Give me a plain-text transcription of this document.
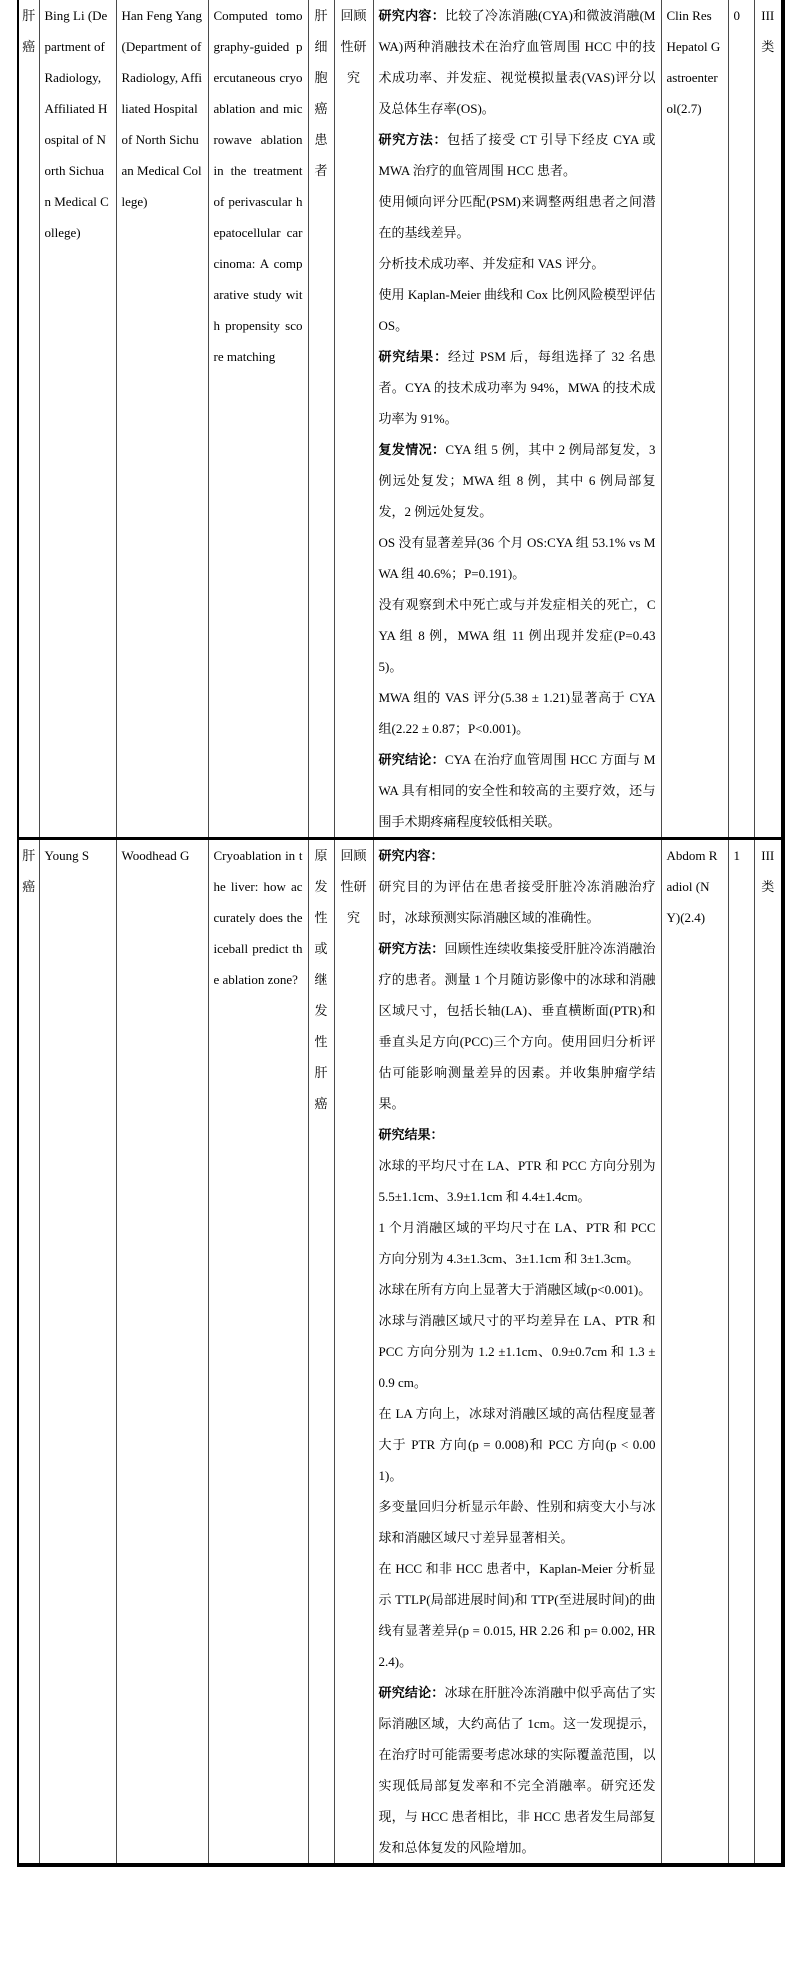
肝癌	Bing Li (Department of Radiology, Affiliated Hospital of North Sichuan Medical College)	Han Feng Yang(Department of Radiology, Affiliated Hospital of North Sichuan Medical College)	Computed tomography-guided percutaneous cryoablation and microwave ablation in the treatment of perivascular hepatocellular carcinoma: A comparative study with propensity score matching	肝细胞癌患者	回顾性研究	

研究内容：比较了冷冻消融(CYA)和微波消融(MWA)两种消融技术在治疗血管周围 HCC 中的技术成功率、并发症、视觉模拟量表(VAS)评分以及总体生存率(OS)。

研究方法：包括了接受 CT 引导下经皮 CYA 或 MWA 治疗的血管周围 HCC 患者。

使用倾向评分匹配(PSM)来调整两组患者之间潜在的基线差异。

分析技术成功率、并发症和 VAS 评分。

使用 Kaplan-Meier 曲线和 Cox 比例风险模型评估 OS。

研究结果：经过 PSM 后，每组选择了 32 名患者。CYA 的技术成功率为 94%，MWA 的技术成功率为 91%。

复发情况：CYA 组 5 例，其中 2 例局部复发，3 例远处复发；MWA 组 8 例，其中 6 例局部复发，2 例远处复发。

OS 没有显著差异(36 个月 OS:CYA 组 53.1% vs MWA 组 40.6%；P=0.191)。

没有观察到术中死亡或与并发症相关的死亡，CYA 组 8 例，MWA 组 11 例出现并发症(P=0.435)。

MWA 组的 VAS 评分(5.38 ± 1.21)显著高于 CYA 组(2.22 ± 0.87；P<0.001)。

研究结论：CYA 在治疗血管周围 HCC 方面与 MWA 具有相同的安全性和较高的主要疗效，还与围手术期疼痛程度较低相关联。

	Clin Res Hepatol Gastroenterol(2.7)	0	III 类
肝癌	Young S	Woodhead G	Cryoablation in the liver: how accurately does the iceball predict the ablation zone?	原发性或继发性肝癌	回顾性研究	

研究内容：

研究目的为评估在患者接受肝脏冷冻消融治疗时，冰球预测实际消融区域的准确性。

研究方法：回顾性连续收集接受肝脏冷冻消融治疗的患者。测量 1 个月随访影像中的冰球和消融区域尺寸，包括长轴(LA)、垂直横断面(PTR)和垂直头足方向(PCC)三个方向。使用回归分析评估可能影响测量差异的因素。并收集肿瘤学结果。

研究结果：

冰球的平均尺寸在 LA、PTR 和 PCC 方向分别为 5.5±1.1cm、3.9±1.1cm 和 4.4±1.4cm。

1 个月消融区域的平均尺寸在 LA、PTR 和 PCC 方向分别为 4.3±1.3cm、3±1.1cm 和 3±1.3cm。

冰球在所有方向上显著大于消融区域(p<0.001)。

冰球与消融区域尺寸的平均差异在 LA、PTR 和 PCC 方向分别为 1.2 ±1.1cm、0.9±0.7cm 和 1.3 ± 0.9 cm。

在 LA 方向上，冰球对消融区域的高估程度显著大于 PTR 方向(p = 0.008)和 PCC 方向(p < 0.001)。

多变量回归分析显示年龄、性别和病变大小与冰球和消融区域尺寸差异显著相关。

在 HCC 和非 HCC 患者中，Kaplan-Meier 分析显示 TTLP(局部进展时间)和 TTP(至进展时间)的曲线有显著差异(p = 0.015, HR 2.26 和 p= 0.002, HR 2.4)。

研究结论：冰球在肝脏冷冻消融中似乎高估了实际消融区域，大约高估了 1cm。这一发现提示，在治疗时可能需要考虑冰球的实际覆盖范围，以实现低局部复发率和不完全消融率。研究还发现，与 HCC 患者相比，非 HCC 患者发生局部复发和总体复发的风险增加。

	Abdom Radiol (NY)(2.4)	1	III 类
